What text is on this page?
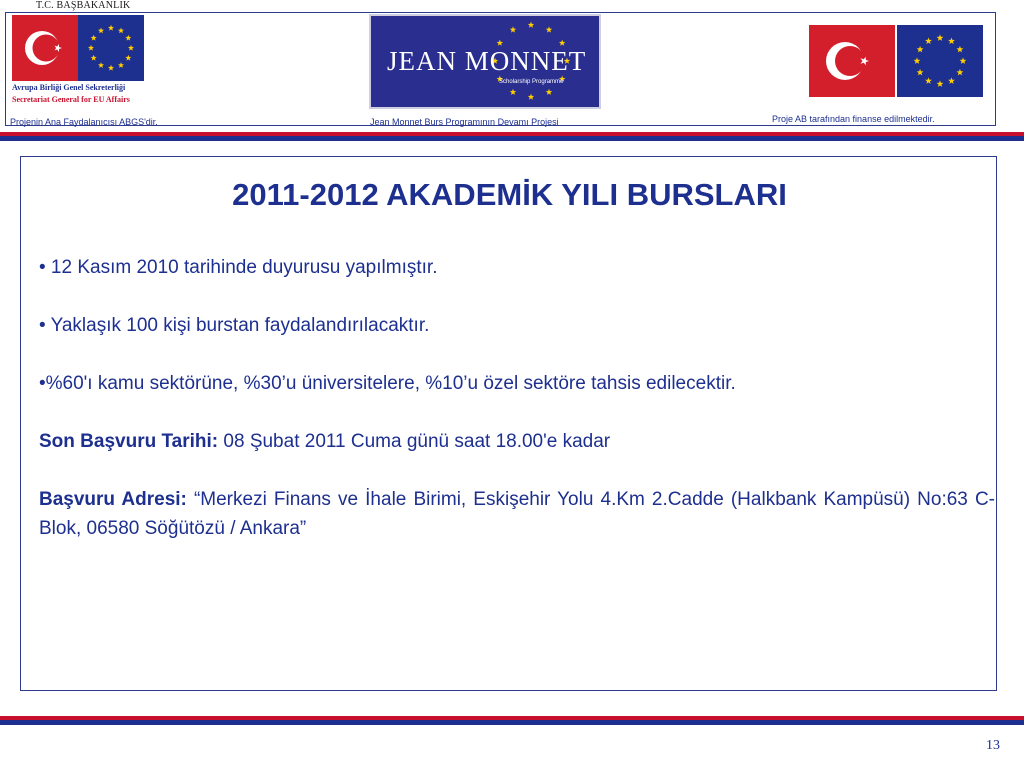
T.C. BAŞBAKANLIK
Avrupa Birliği Genel Sekreterliği
Secretariat General for EU Affairs
JEAN MONNET
Scholarship Programme
Projenin Ana Faydalanıcısı ABGS'dir.	Jean Monnet Burs Programının Devamı Projesi	Proje AB tarafından finanse edilmektedir.
2011-2012 AKADEMİK YILI BURSLARI

• 12 Kasım 2010 tarihinde duyurusu yapılmıştır.

• Yaklaşık 100 kişi burstan faydalandırılacaktır.

•%60'ı kamu sektörüne, %30’u üniversitelere, %10’u özel sektöre tahsis edilecektir.

Son Başvuru Tarihi: 08 Şubat 2011 Cuma günü saat 18.00'e kadar

Başvuru Adresi: “Merkezi Finans ve İhale Birimi, Eskişehir Yolu 4.Km 2.Cadde (Halkbank Kampüsü) No:63 C-Blok, 06580 Söğütözü / Ankara”

13
